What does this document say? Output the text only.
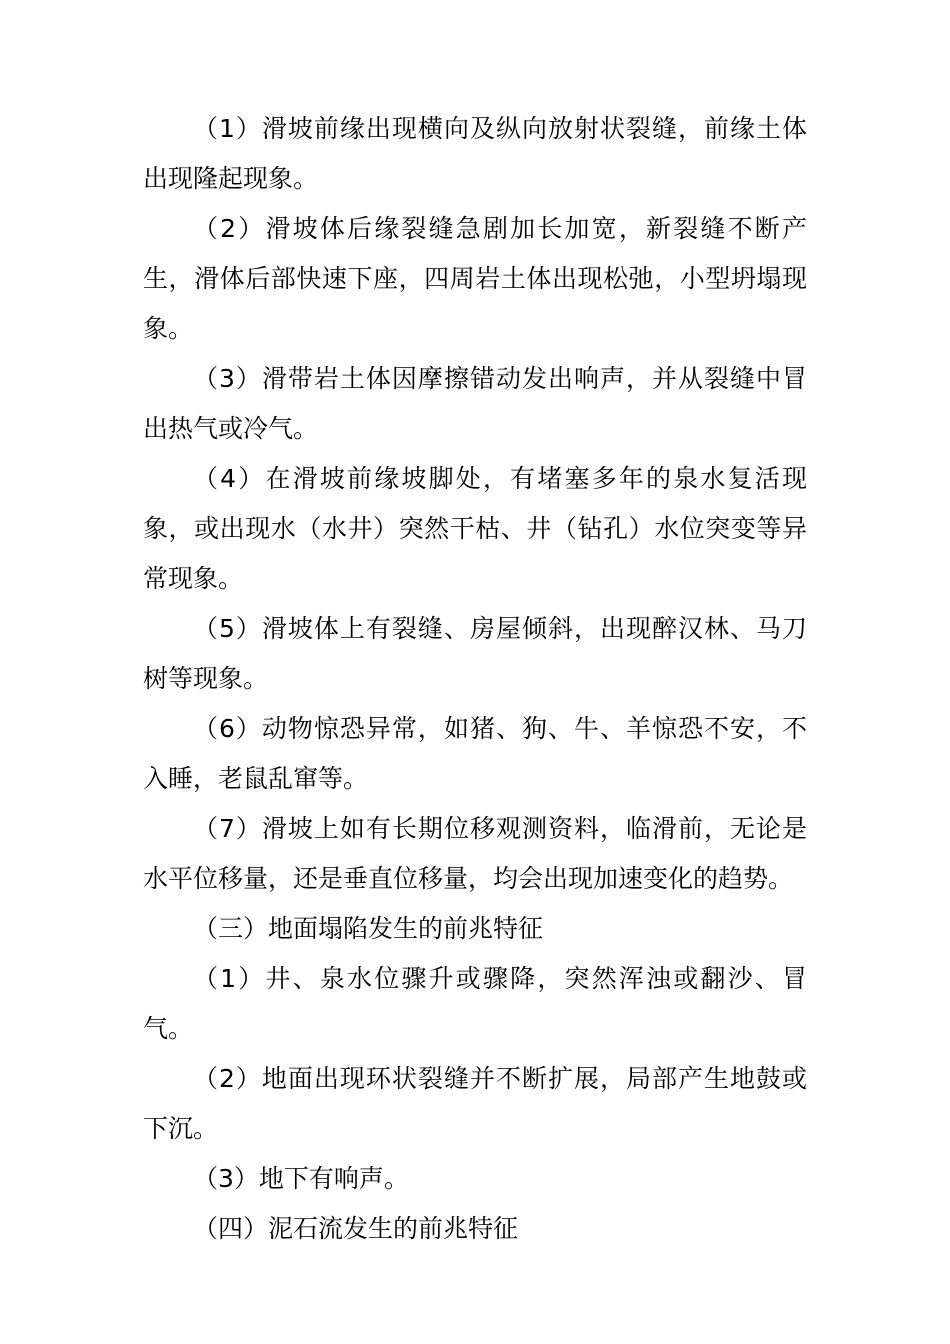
（1）滑坡前缘出现横向及纵向放射状裂缝，前缘土体出现隆起现象。

（2）滑坡体后缘裂缝急剧加长加宽，新裂缝不断产生，滑体后部快速下座，四周岩土体出现松弛，小型坍塌现象。

（3）滑带岩土体因摩擦错动发出响声，并从裂缝中冒出热气或冷气。

（4）在滑坡前缘坡脚处，有堵塞多年的泉水复活现象，或出现水（水井）突然干枯、井（钻孔）水位突变等异常现象。

（5）滑坡体上有裂缝、房屋倾斜，出现醉汉林、马刀树等现象。

（6）动物惊恐异常，如猪、狗、牛、羊惊恐不安，不入睡，老鼠乱窜等。

（7）滑坡上如有长期位移观测资料，临滑前，无论是水平位移量，还是垂直位移量，均会出现加速变化的趋势。

（三）地面塌陷发生的前兆特征

（1）井、泉水位骤升或骤降，突然浑浊或翻沙、冒气。

（2）地面出现环状裂缝并不断扩展，局部产生地鼓或下沉。

（3）地下有响声。

（四）泥石流发生的前兆特征
